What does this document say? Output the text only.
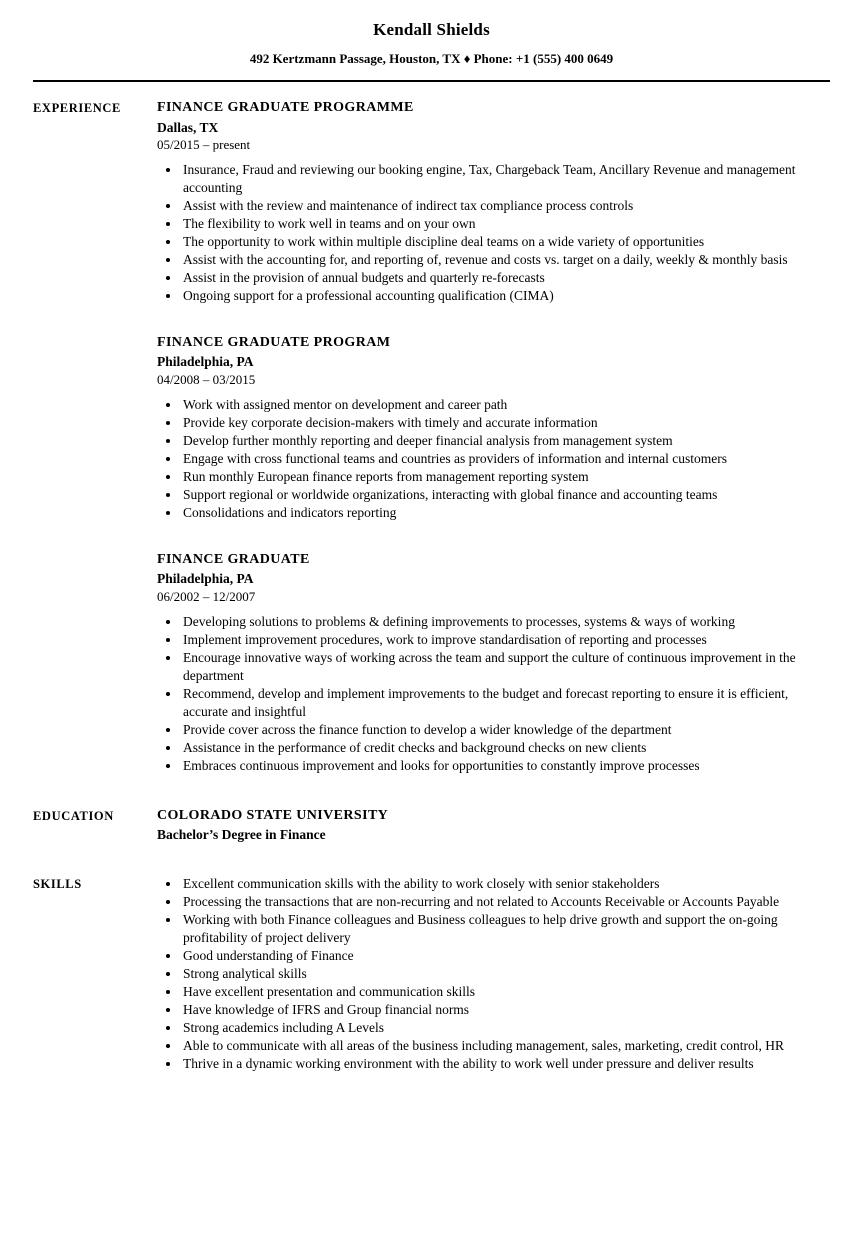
Kendall Shields
492 Kertzmann Passage, Houston, TX ♦ Phone: +1 (555) 400 0649
EXPERIENCE	FINANCE GRADUATE PROGRAMME
Dallas, TX
05/2015 – present
• Insurance, Fraud and reviewing our booking engine, Tax, Chargeback Team, Ancillary Revenue and management accounting
• Assist with the review and maintenance of indirect tax compliance process controls
• The flexibility to work well in teams and on your own
• The opportunity to work within multiple discipline deal teams on a wide variety of opportunities
• Assist with the accounting for, and reporting of, revenue and costs vs. target on a daily, weekly & monthly basis
• Assist in the provision of annual budgets and quarterly re-forecasts
• Ongoing support for a professional accounting qualification (CIMA)
FINANCE GRADUATE PROGRAM
Philadelphia, PA
04/2008 – 03/2015
• Work with assigned mentor on development and career path
• Provide key corporate decision-makers with timely and accurate information
• Develop further monthly reporting and deeper financial analysis from management system
• Engage with cross functional teams and countries as providers of information and internal customers
• Run monthly European finance reports from management reporting system
• Support regional or worldwide organizations, interacting with global finance and accounting teams
• Consolidations and indicators reporting
FINANCE GRADUATE
Philadelphia, PA
06/2002 – 12/2007
• Developing solutions to problems & defining improvements to processes, systems & ways of working
• Implement improvement procedures, work to improve standardisation of reporting and processes
• Encourage innovative ways of working across the team and support the culture of continuous improvement in the department
• Recommend, develop and implement improvements to the budget and forecast reporting to ensure it is efficient, accurate and insightful
• Provide cover across the finance function to develop a wider knowledge of the department
• Assistance in the performance of credit checks and background checks on new clients
• Embraces continuous improvement and looks for opportunities to constantly improve processes
EDUCATION	COLORADO STATE UNIVERSITY
Bachelor’s Degree in Finance
SKILLS	• Excellent communication skills with the ability to work closely with senior stakeholders
• Processing the transactions that are non-recurring and not related to Accounts Receivable or Accounts Payable
• Working with both Finance colleagues and Business colleagues to help drive growth and support the on-going profitability of project delivery
• Good understanding of Finance
• Strong analytical skills
• Have excellent presentation and communication skills
• Have knowledge of IFRS and Group financial norms
• Strong academics including A Levels
• Able to communicate with all areas of the business including management, sales, marketing, credit control, HR
• Thrive in a dynamic working environment with the ability to work well under pressure and deliver results
